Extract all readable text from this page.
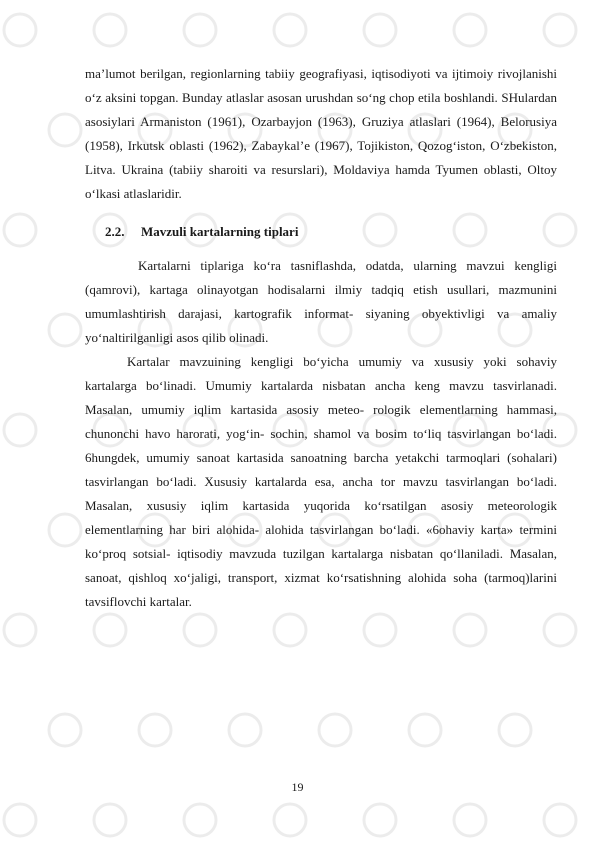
ma’lumot berilgan, regionlarning tabiiy geografiyasi, iqtisodiyoti va ijtimoiy rivojlanishi o‘z aksini topgan. Bunday atlaslar asosan urushdan so‘ng chop etila boshlandi. SHulardan asosiylari Armaniston (1961), Ozarbayjon (1963), Gruziya atlaslari (1964), Belorusiya (1958), Irkutsk oblasti (1962), Zabaykal’e (1967), Tojikiston, Qozog‘iston, O‘zbekiston, Litva. Ukraina (tabiiy sharoiti va resurslari), Moldaviya hamda Tyumen oblasti, Oltoy o‘lkasi atlaslaridir.

2.2. Mavzuli kartalarning tiplari

Kartalarni tiplariga ko‘ra tasniflashda, odatda, ularning mavzui kengligi (qamrovi), kartaga olinayotgan hodisalarni ilmiy tadqiq etish usullari, mazmunini umumlashtirish darajasi, kartografik informat- siyaning obyektivligi va amaliy yo‘naltirilganligi asos qilib olinadi.

Kartalar mavzuining kengligi bo‘yicha umumiy va xususiy yoki sohaviy kartalarga bo‘linadi. Umumiy kartalarda nisbatan ancha keng mavzu tasvirlanadi. Masalan, umumiy iqlim kartasida asosiy meteo- rologik elementlarning hammasi, chunonchi havo harorati, yog‘in- sochin, shamol va bosim to‘liq tasvirlangan bo‘ladi. 6hungdek, umumiy sanoat kartasida sanoatning barcha yetakchi tarmoqlari (sohalari) tasvirlangan bo‘ladi. Xususiy kartalarda esa, ancha tor mavzu tasvirlangan bo‘ladi. Masalan, xususiy iqlim kartasida yuqorida ko‘rsatilgan asosiy meteorologik elementlarning har biri alohida- alohida tasvirlangan bo‘ladi. «6ohaviy karta» termini ko‘proq sotsial- iqtisodiy mavzuda tuzilgan kartalarga nisbatan qo‘llaniladi. Masalan, sanoat, qishloq xo‘jaligi, transport, xizmat ko‘rsatishning alohida soha (tarmoq)larini tavsiflovchi kartalar.

19
